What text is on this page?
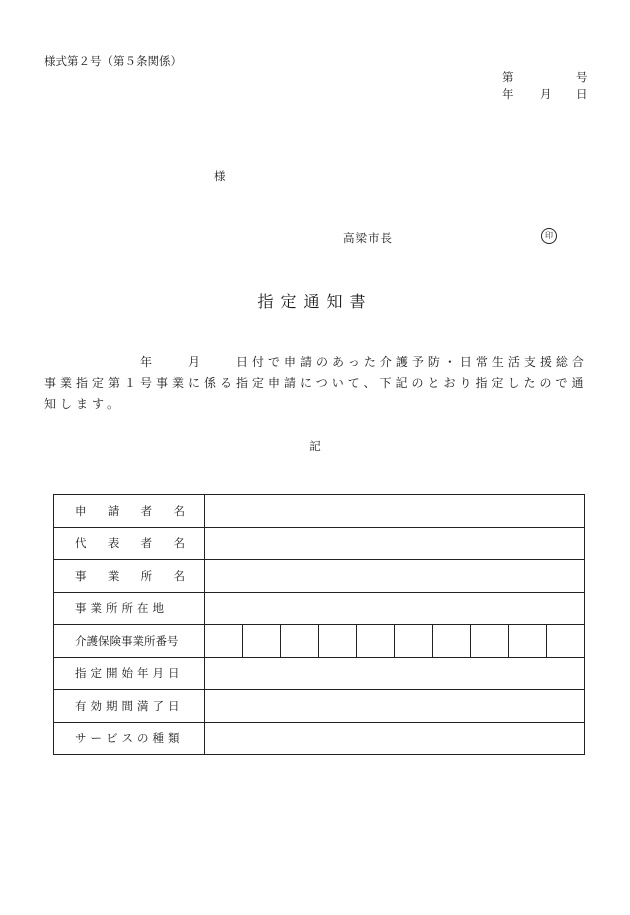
様式第２号（第５条関係）
第	号
年 月 日
様
高梁市長	印
指定通知書
　　　　　　年　　月　　日付で申請のあった介護予防・日常生活支援総合事業指定第１号事業に係る指定申請について、下記のとおり指定したので通知します。
記
申 請 者 名	

代 表 者 名	

事 業 所 名	

事業所所在地	

介護保険事業所番号	

指定開始年月日	

有効期間満了日	

サービスの種類	
